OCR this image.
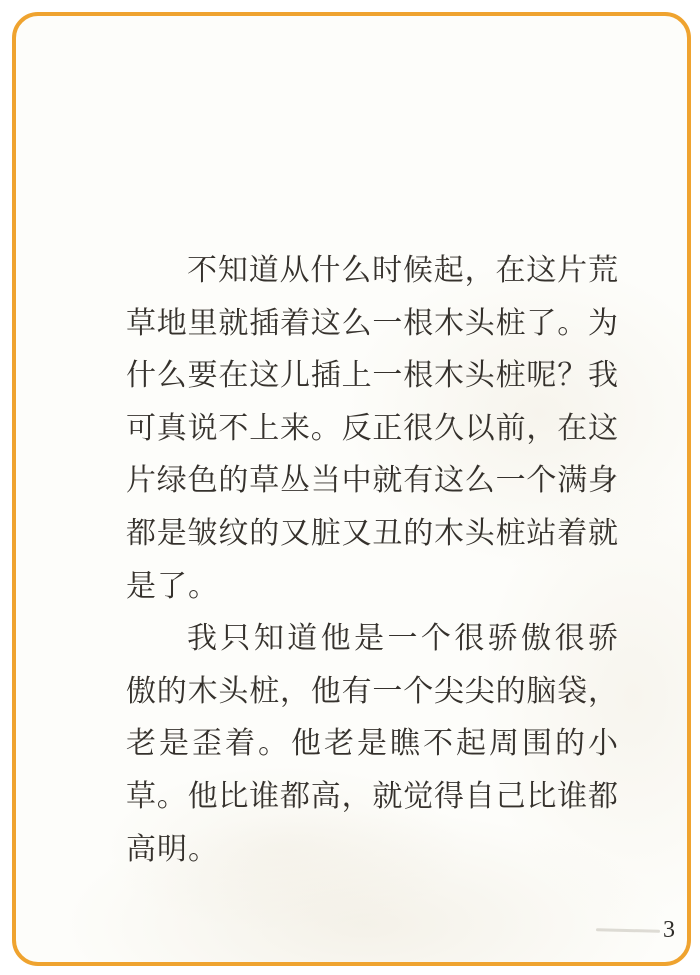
不知道从什么时候起，在这片荒
草地里就插着这么一根木头桩了。为
什么要在这儿插上一根木头桩呢？我
可真说不上来。反正很久以前，在这
片绿色的草丛当中就有这么一个满身
都是皱纹的又脏又丑的木头桩站着就
是了。
我只知道他是一个很骄傲很骄
傲的木头桩，他有一个尖尖的脑袋，
老是歪着。他老是瞧不起周围的小
草。他比谁都高，就觉得自己比谁都
高明。
3
